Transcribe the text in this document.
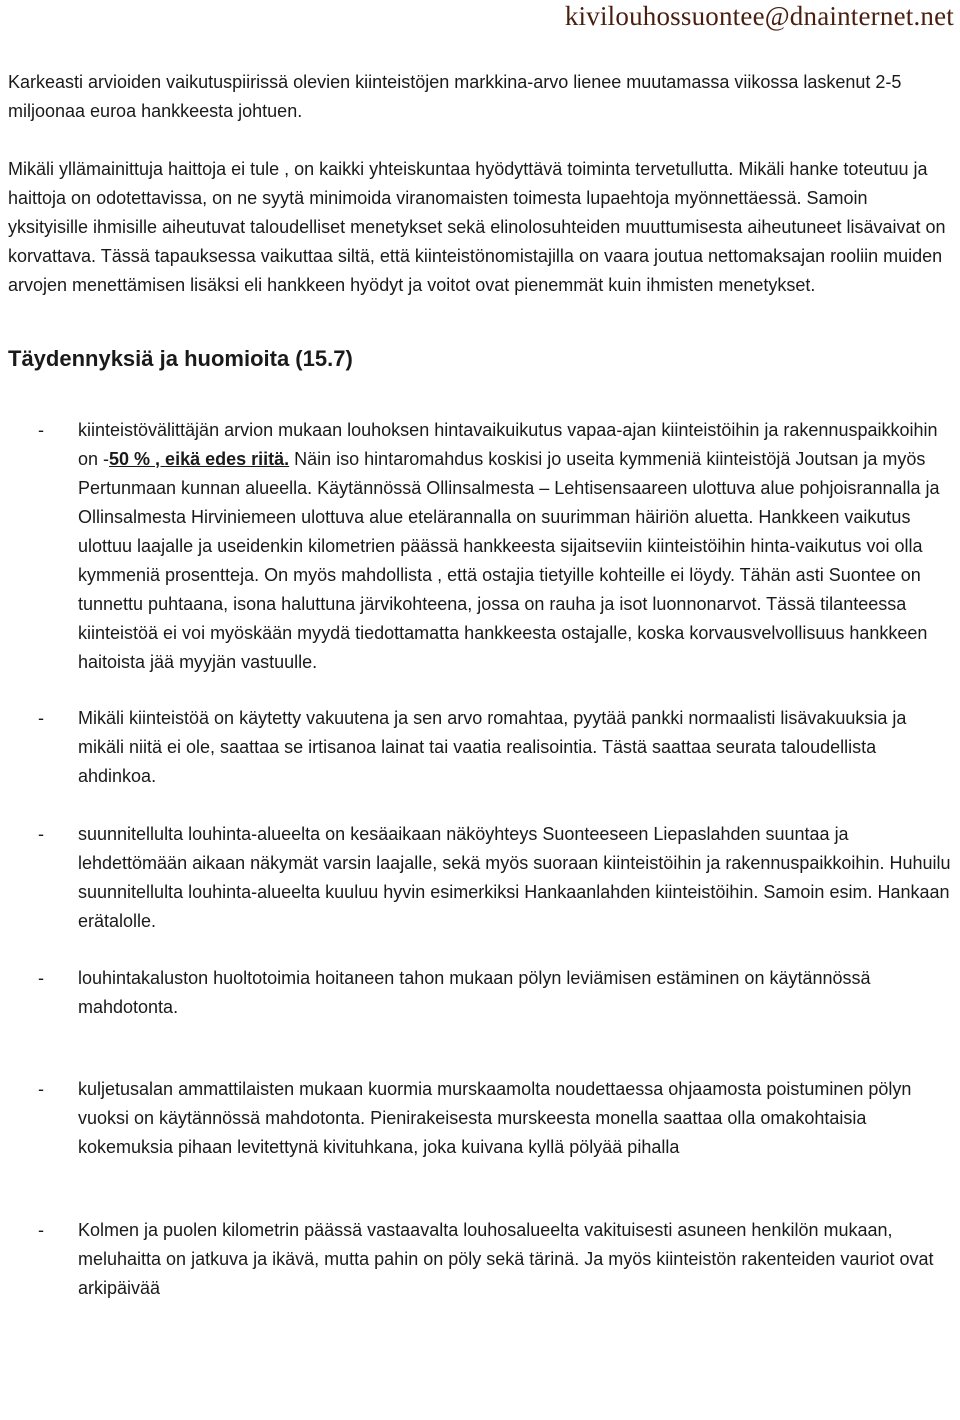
kivilouhossuontee@dnainternet.net

Karkeasti arvioiden vaikutuspiirissä olevien kiinteistöjen markkina-arvo lienee muutamassa viikossa laskenut 2-5 miljoonaa euroa hankkeesta johtuen.

Mikäli yllämainittuja haittoja ei tule , on kaikki yhteiskuntaa hyödyttävä toiminta tervetullutta. Mikäli hanke toteutuu ja haittoja on odotettavissa, on ne syytä minimoida viranomaisten toimesta lupaehtoja myönnettäessä. Samoin yksityisille ihmisille aiheutuvat taloudelliset menetykset sekä elinolosuhteiden muuttumisesta aiheutuneet lisävaivat on korvattava. Tässä tapauksessa vaikuttaa siltä, että kiinteistönomistajilla on vaara joutua nettomaksajan rooliin muiden arvojen menettämisen lisäksi eli hankkeen hyödyt ja voitot ovat pienemmät kuin ihmisten menetykset.

Täydennyksiä ja huomioita (15.7)
- kiinteistövälittäjän arvion mukaan louhoksen hintavaikuikutus vapaa-ajan kiinteistöihin ja rakennuspaikkoihin on -50 % , eikä edes riitä. Näin iso hintaromahdus koskisi jo useita kymmeniä kiinteistöjä Joutsan ja myös Pertunmaan kunnan alueella. Käytännössä Ollinsalmesta – Lehtisensaareen ulottuva alue pohjoisrannalla ja Ollinsalmesta Hirviniemeen ulottuva alue etelärannalla on suurimman häiriön aluetta. Hankkeen vaikutus ulottuu laajalle ja useidenkin kilometrien päässä hankkeesta sijaitseviin kiinteistöihin hinta-vaikutus voi olla kymmeniä prosentteja. On myös mahdollista , että ostajia tietyille kohteille ei löydy. Tähän asti Suontee on tunnettu puhtaana, isona haluttuna järvikohteena, jossa on rauha ja isot luonnonarvot. Tässä tilanteessa kiinteistöä ei voi myöskään myydä tiedottamatta hankkeesta ostajalle, koska korvausvelvollisuus hankkeen haitoista jää myyjän vastuulle.
- Mikäli kiinteistöä on käytetty vakuutena ja sen arvo romahtaa, pyytää pankki normaalisti lisävakuuksia ja mikäli niitä ei ole, saattaa se irtisanoa lainat tai vaatia realisointia. Tästä saattaa seurata taloudellista ahdinkoa.
- suunnitellulta louhinta-alueelta on kesäaikaan näköyhteys Suonteeseen Liepaslahden suuntaa ja lehdettömään aikaan näkymät varsin laajalle, sekä myös suoraan kiinteistöihin ja rakennuspaikkoihin. Huhuilu suunnitellulta louhinta-alueelta kuuluu hyvin esimerkiksi Hankaanlahden kiinteistöihin. Samoin esim. Hankaan erätalolle.
- louhintakaluston huoltotoimia hoitaneen tahon mukaan pölyn leviämisen estäminen on käytännössä mahdotonta.
- kuljetusalan ammattilaisten mukaan kuormia murskaamolta noudettaessa ohjaamosta poistuminen pölyn vuoksi on käytännössä mahdotonta. Pienirakeisesta murskeesta monella saattaa olla omakohtaisia kokemuksia pihaan levitettynä kivituhkana, joka kuivana kyllä pölyää pihalla
- Kolmen ja puolen kilometrin päässä vastaavalta louhosalueelta vakituisesti asuneen henkilön mukaan, meluhaitta on jatkuva ja ikävä, mutta pahin on pöly sekä tärinä. Ja myös kiinteistön rakenteiden vauriot ovat arkipäivää
